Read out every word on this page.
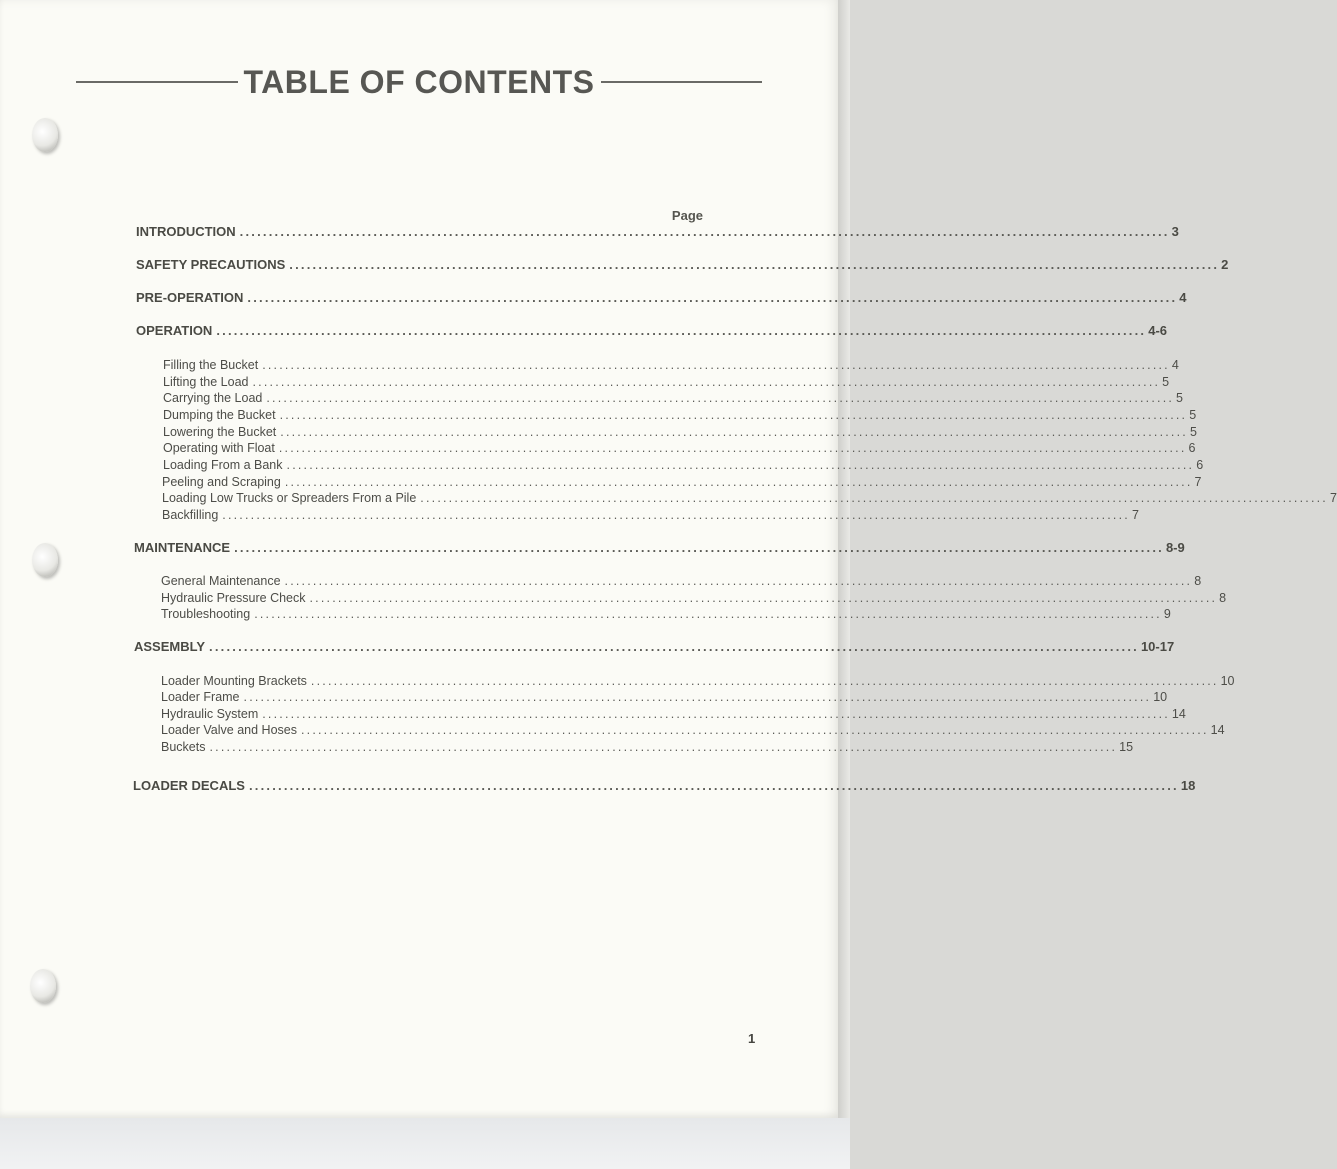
TABLE OF CONTENTS
Page
INTRODUCTION ................................................................................................................................................................ 3
SAFETY PRECAUTIONS ................................................................................................................................................................ 2
PRE-OPERATION ................................................................................................................................................................ 4
OPERATION ................................................................................................................................................................ 4-6
Filling the Bucket ................................................................................................................................................................ 4
Lifting the Load ................................................................................................................................................................ 5
Carrying the Load ................................................................................................................................................................ 5
Dumping the Bucket ................................................................................................................................................................ 5
Lowering the Bucket ................................................................................................................................................................ 5
Operating with Float ................................................................................................................................................................ 6
Loading From a Bank ................................................................................................................................................................ 6
Peeling and Scraping ................................................................................................................................................................ 7
Loading Low Trucks or Spreaders From a Pile ................................................................................................................................................................ 7
Backfilling ................................................................................................................................................................ 7
MAINTENANCE ................................................................................................................................................................ 8-9
General Maintenance ................................................................................................................................................................ 8
Hydraulic Pressure Check ................................................................................................................................................................ 8
Troubleshooting ................................................................................................................................................................ 9
ASSEMBLY ................................................................................................................................................................ 10-17
Loader Mounting Brackets ................................................................................................................................................................ 10
Loader Frame ................................................................................................................................................................ 10
Hydraulic System ................................................................................................................................................................ 14
Loader Valve and Hoses ................................................................................................................................................................ 14
Buckets ................................................................................................................................................................ 15
LOADER DECALS ................................................................................................................................................................ 18
1
